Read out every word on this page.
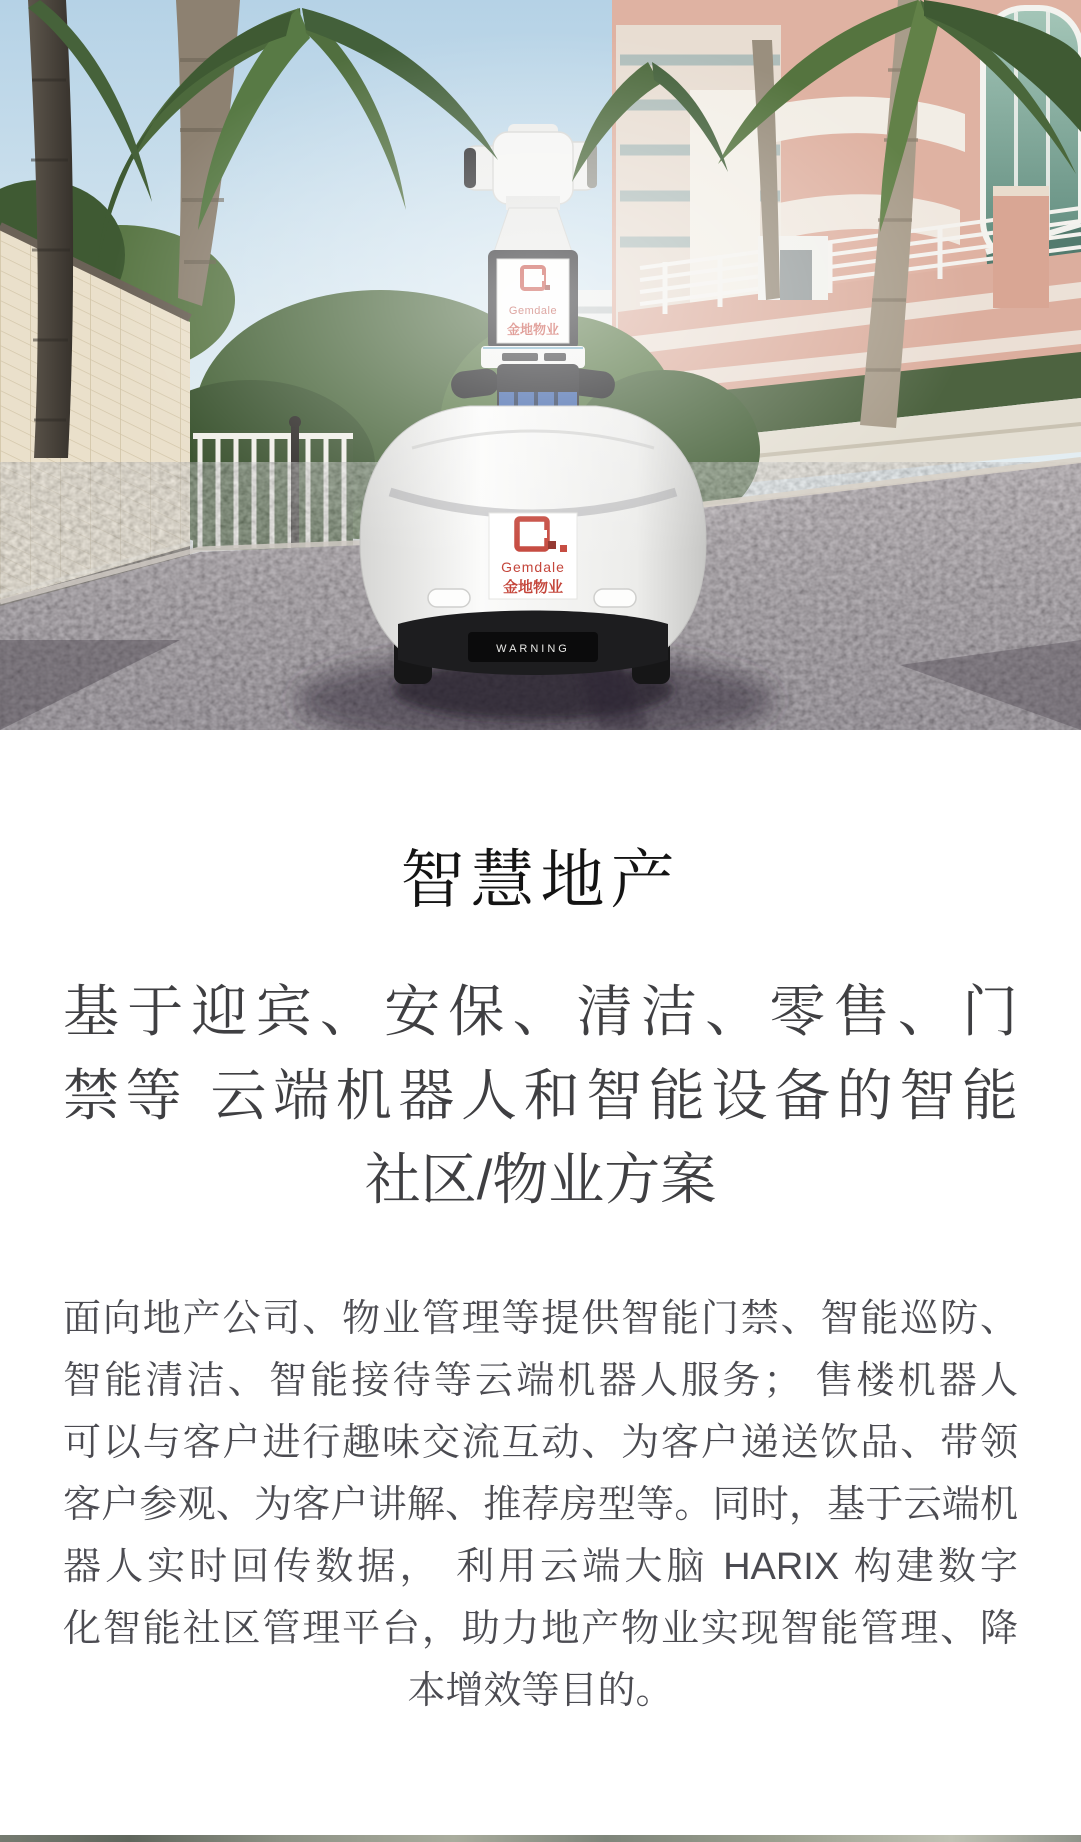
金地物业
WARNING
智慧地产
基于迎宾、安保、清洁、零售、门
禁等 云端机器人和智能设备的智能
社区/物业方案
面向地产公司、物业管理等提供智能门禁、智能巡防、
智能清洁、智能接待等云端机器人服务； 售楼机器人
可以与客户进行趣味交流互动、为客户递送饮品、带领
客户参观、为客户讲解、推荐房型等。同时，基于云端机
器人实时回传数据， 利用云端大脑 HARIX 构建数字
化智能社区管理平台，助力地产物业实现智能管理、降
本增效等目的。
